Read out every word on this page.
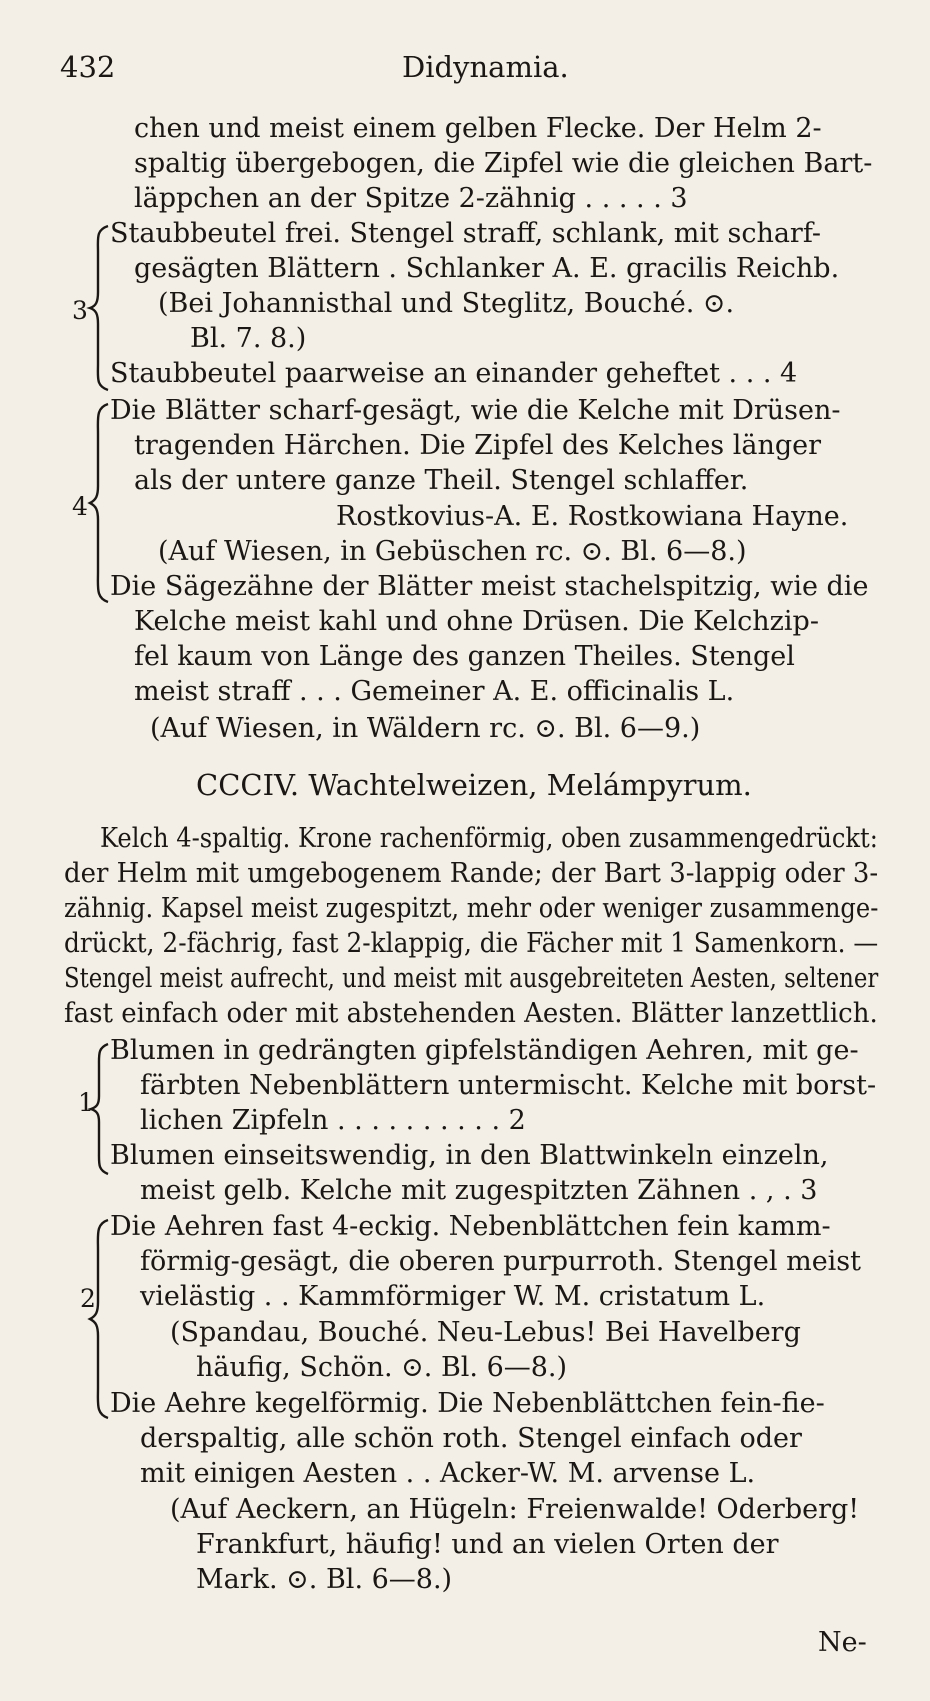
432	Didynamia.
chen und meist einem gelben Flecke. Der Helm 2-
spaltig übergebogen, die Zipfel wie die gleichen Bart-
läppchen an der Spitze 2-zähnig . . . . . 3
Staubbeutel frei. Stengel straff, schlank, mit scharf-
gesägten Blättern . Schlanker A. E. gracilis Reichb.
(Bei Johannisthal und Steglitz, Bouché. ⊙.
Bl. 7. 8.)
Staubbeutel paarweise an einander geheftet . . . 4
Die Blätter scharf-gesägt, wie die Kelche mit Drüsen-
tragenden Härchen. Die Zipfel des Kelches länger
als der untere ganze Theil. Stengel schlaffer.
Rostkovius-A. E. Rostkowiana Hayne.
(Auf Wiesen, in Gebüschen rc. ⊙. Bl. 6—8.)
Die Sägezähne der Blätter meist stachelspitzig, wie die
Kelche meist kahl und ohne Drüsen. Die Kelchzip-
fel kaum von Länge des ganzen Theiles. Stengel
meist straff . . . Gemeiner A. E. officinalis L.
(Auf Wiesen, in Wäldern rc. ⊙. Bl. 6—9.)
CCCIV. Wachtelweizen, Melámpyrum.
Kelch 4-spaltig. Krone rachenförmig, oben zusammengedrückt:
der Helm mit umgebogenem Rande; der Bart 3-lappig oder 3-
zähnig. Kapsel meist zugespitzt, mehr oder weniger zusammenge-
drückt, 2-fächrig, fast 2-klappig, die Fächer mit 1 Samenkorn. —
Stengel meist aufrecht, und meist mit ausgebreiteten Aesten, seltener
fast einfach oder mit abstehenden Aesten. Blätter lanzettlich.
Blumen in gedrängten gipfelständigen Aehren, mit ge-
färbten Nebenblättern untermischt. Kelche mit borst-
lichen Zipfeln . . . . . . . . . . 2
Blumen einseitswendig, in den Blattwinkeln einzeln,
meist gelb. Kelche mit zugespitzten Zähnen . , . 3
Die Aehren fast 4-eckig. Nebenblättchen fein kamm-
förmig-gesägt, die oberen purpurroth. Stengel meist
vielästig . . Kammförmiger W. M. cristatum L.
(Spandau, Bouché. Neu-Lebus! Bei Havelberg
häufig, Schön. ⊙. Bl. 6—8.)
Die Aehre kegelförmig. Die Nebenblättchen fein-fie-
derspaltig, alle schön roth. Stengel einfach oder
mit einigen Aesten . . Acker-W. M. arvense L.
(Auf Aeckern, an Hügeln: Freienwalde! Oderberg!
Frankfurt, häufig! und an vielen Orten der
Mark. ⊙. Bl. 6—8.)
Ne-
3
4
1
2
